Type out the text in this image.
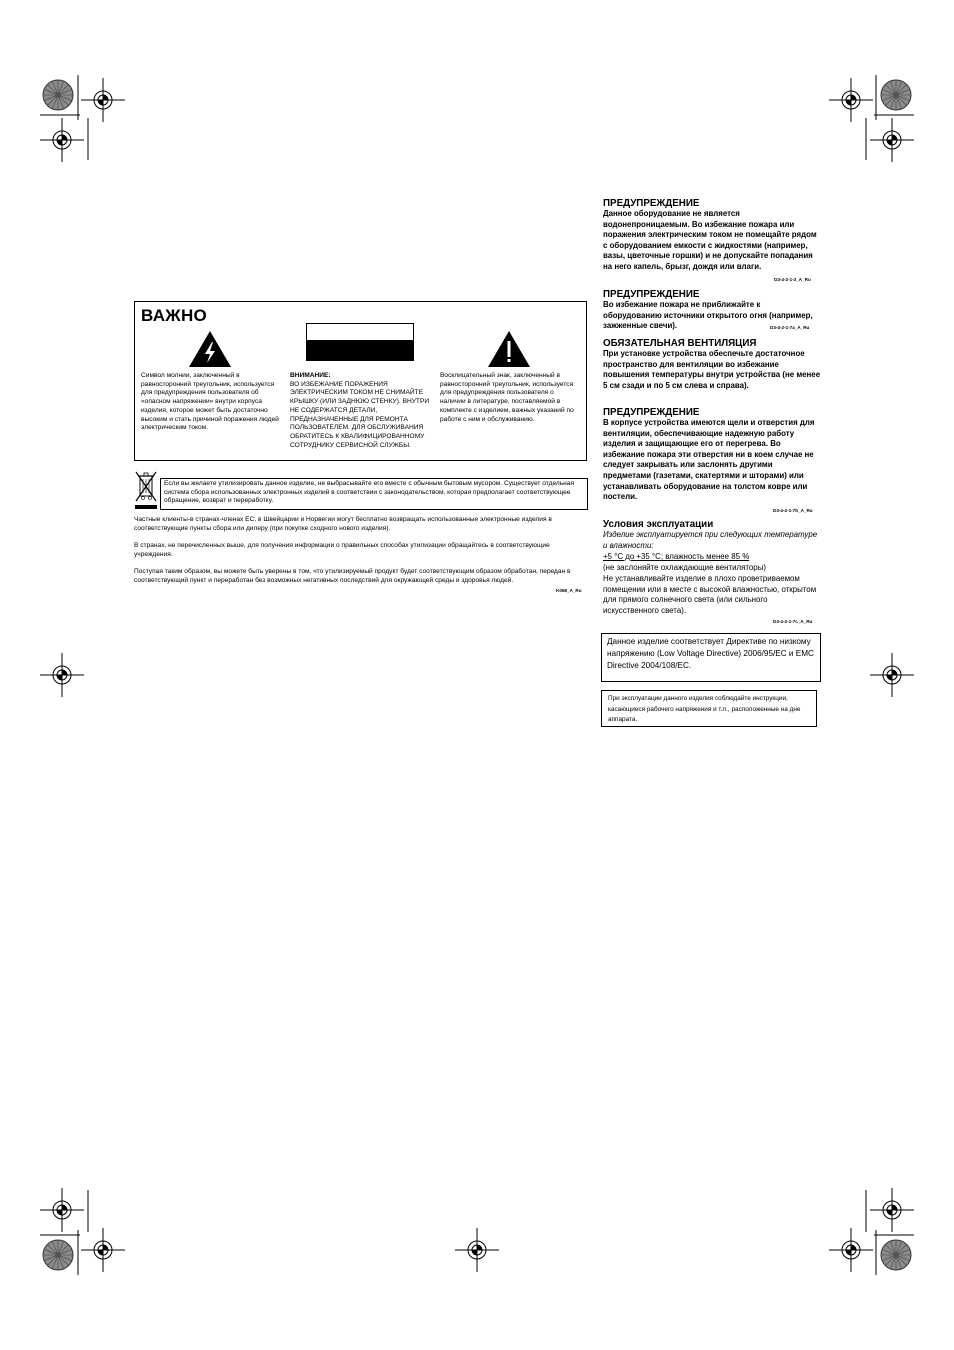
ВАЖНО
Символ молнии, заключенный в равносторонний треугольник, используется для предупреждения пользователя об «опасном напряжении» внутри корпуса изделия, которое может быть достаточно высоким и стать причиной поражения людей электрическим током.
ВНИМАНИЕ:
ВО ИЗБЕЖАНИЕ ПОРАЖЕНИЯ ЭЛЕКТРИЧЕСКИМ ТОКОМ НЕ СНИМАЙТЕ КРЫШКУ (ИЛИ ЗАДНЮЮ СТЕНКУ). ВНУТРИ НЕ СОДЕРЖАТСЯ ДЕТАЛИ, ПРЕДНАЗНАЧЕННЫЕ ДЛЯ РЕМОНТА ПОЛЬЗОВАТЕЛЕМ. ДЛЯ ОБСЛУЖИВАНИЯ ОБРАТИТЕСЬ К КВАЛИФИЦИРОВАННОМУ СОТРУДНИКУ СЕРВИСНОЙ СЛУЖБЫ.
Восклицательный знак, заключенный в равносторонний треугольник, используется для предупреждения пользователя о наличии в литературе, поставляемой в комплекте с изделием, важных указаний по работе с ним и обслуживанию.
Если вы желаете утилизировать данное изделие, не выбрасывайте его вместе с обычным бытовым мусором. Существует отдельная система сбора использованных электронных изделий в соответствии с законодательством, которая предполагает соответствующее обращение, возврат и переработку.
Частные клиенты-в странах-членах ЕС, в Швейцарии и Норвегии могут бесплатно возвращать использованные электронные изделия в соответствующие пункты сбора или дилеру (при покупке сходного нового изделия).
В странах, не перечисленных выше, для получения информации о правильных способах утилизации обращайтесь в соответствующие учреждения.
Поступая таким образом, вы можете быть уверены в том, что утилизируемый продукт будет соответствующим образом обработан, передан в соответствующий пункт и переработан без возможных негативных последствий для окружающей среды и здоровья людей.
K058_A_Ru
ПРЕДУПРЕЖДЕНИЕ
Данное оборудование не является водонепроницаемым. Во избежание пожара или поражения электрическим током не помещайте рядом с оборудованием емкости с жидкостями (например, вазы, цветочные горшки) и не допускайте попадания на него капель, брызг, дождя или влаги.
D3-4-2-1-3_A_Ru
ПРЕДУПРЕЖДЕНИЕ
Во избежание пожара не приближайте к оборудованию источники открытого огня (например, зажженные свечи).	D3-4-2-1-7a_A_Ru
ОБЯЗАТЕЛЬНАЯ ВЕНТИЛЯЦИЯ
При установке устройства обеспечьте достаточное пространство для вентиляции во избежание повышения температуры внутри устройства (не менее 5 см сзади и по 5 см слева и справа).
ПРЕДУПРЕЖДЕНИЕ
В корпусе устройства имеются щели и отверстия для вентиляции, обеспечивающие надежную работу изделия и защищающие его от перегрева. Во избежание пожара эти отверстия ни в коем случае не следует закрывать или заслонять другими предметами (газетами, скатертями и шторами) или устанавливать оборудование на толстом ковре или постели.
D3-4-2-1-7b_A_Ru
Условия эксплуатации
Изделие эксплуатируется при следующих температуре и влажности:
+5 °C до +35 °C; влажность менее 85 %
(не заслоняйте охлаждающие вентиляторы)
Не устанавливайте изделие в плохо проветриваемом помещении или в месте с высокой влажностью, открытом для прямого солнечного света (или сильного искусственного света).
D3-4-2-1-7c_A_Ru
Данное изделие соответствует Директиве по низкому напряжению (Low Voltage Directive) 2006/95/EC и EMC Directive 2004/108/EC.
При эксплуатации данного изделия соблюдайте инструкции, касающиеся рабочего напряжения и т.л., расположенные на дне аппарата.
